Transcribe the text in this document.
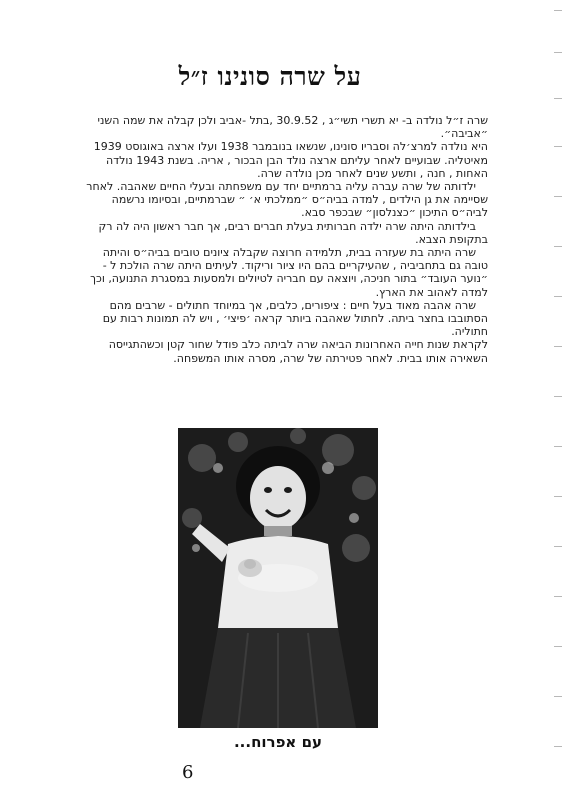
על שרה סונינו ז״ל

שרה ז״ל נולדה ב- יא תשרי תשי״ג , 30.9.52 ,בתל -אביב ולכן קבלה את שמה השני ״אביבה״.

היא נולדה למרצ׳לה וסבריו סונינו, שנשאו בנובמבר 1938 ועלו ארצה באוגוסט 1939 מאיטליה. שבועיים לאחר עליתם ארצה נולד הבן הבכור , אריה. בשנת 1943 נולדה האחות , חנה , ותשע שנים לאחר מכן נולדה שרה.

ילדותה של שרה עברה עליה ברמתיים יחד עם משפחתה ובעלי החיים שאהבה. לאחר שסיימה את גן הילדים , למדה בביה״ס ״ממלכתי א׳ ״ שברמתיים, ובסיומו נרשמה לביה״ס התיכון ״כצנלסון״ שבכפר סבא.

בילדותה היתה שרה ילדה חברותית בעלת חברים רבים, אך חבר ראשון היה לה רק בתקופת הצבא.

שרה היתה בת שעזרה בבית, תלמידה חרוצה שקבלה ציונים טובים בביה״ס והיתה טובה גם בתחביביה , שהעיקריים בהם היו ציור וריקוד. לעיתים היתה שרה הולכת ל - ״נוער העובד״ בתור חניכה, ויוצאה עם חבריה לטיולים ולמסעות במסגרת התנועה, וכך למדה לאהוב את הארץ.

שרה אהבה מאוד בעל חיים : ציפורים, כלבים, אך במיוחד חתולים - שרבים מהם הסתובבו בחצר ביתה. לחתול שאהבה ביותר קראה ׳פיצי׳ , ויש לה תמונות רבות עם חתוליה.

לקראת שנות חייה האחרונות הביאה שרה לביתה כלב פודל שחור קטן וכשהתגייסה השאירה אותו בבית. לאחר פטירתה של שרה, מסרה אותו המשפחה.

עם אפרוח...
6
